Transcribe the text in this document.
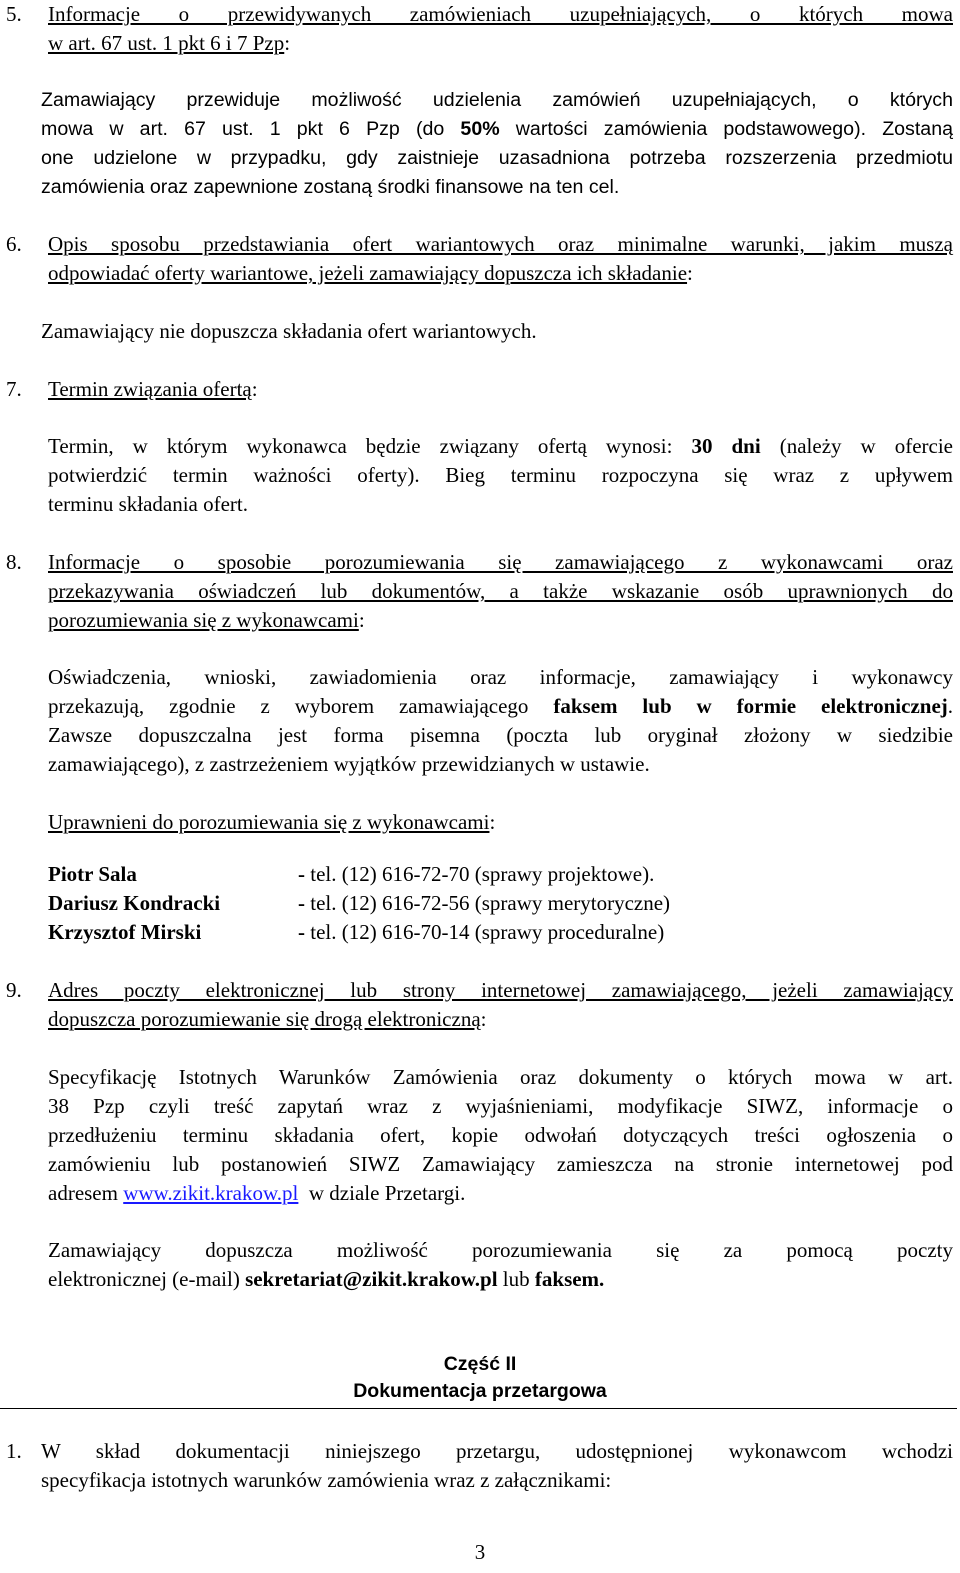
5. Informacje o przewidywanych zamówieniach uzupełniających, o których mowa
w art. 67 ust. 1 pkt 6 i 7 Pzp:
Zamawiający przewiduje możliwość udzielenia zamówień uzupełniających, o których
mowa w art. 67 ust. 1 pkt 6 Pzp (do 50% wartości zamówienia podstawowego). Zostaną
one udzielone w przypadku, gdy zaistnieje uzasadniona potrzeba rozszerzenia przedmiotu
zamówienia oraz zapewnione zostaną środki finansowe na ten cel.
6. Opis sposobu przedstawiania ofert wariantowych oraz minimalne warunki, jakim muszą
odpowiadać oferty wariantowe, jeżeli zamawiający dopuszcza ich składanie:
Zamawiający nie dopuszcza składania ofert wariantowych.
7. Termin związania ofertą:
Termin, w którym wykonawca będzie związany ofertą wynosi: 30 dni (należy w ofercie
potwierdzić termin ważności oferty). Bieg terminu rozpoczyna się wraz z upływem
terminu składania ofert.
8. Informacje o sposobie porozumiewania się zamawiającego z wykonawcami oraz
przekazywania oświadczeń lub dokumentów, a także wskazanie osób uprawnionych do
porozumiewania się z wykonawcami:
Oświadczenia, wnioski, zawiadomienia oraz informacje, zamawiający i wykonawcy
przekazują, zgodnie z wyborem zamawiającego faksem lub w formie elektronicznej.
Zawsze dopuszczalna jest forma pisemna (poczta lub oryginał złożony w siedzibie
zamawiającego), z zastrzeżeniem wyjątków przewidzianych w ustawie.
Uprawnieni do porozumiewania się z wykonawcami:
Piotr Sala	- tel. (12) 616-72-70 (sprawy projektowe).
Dariusz Kondracki	- tel. (12) 616-72-56 (sprawy merytoryczne)
Krzysztof Mirski	- tel. (12) 616-70-14 (sprawy proceduralne)
9. Adres poczty elektronicznej lub strony internetowej zamawiającego, jeżeli zamawiający
dopuszcza porozumiewanie się drogą elektroniczną:
Specyfikację Istotnych Warunków Zamówienia oraz dokumenty o których mowa w art.
38 Pzp czyli treść zapytań wraz z wyjaśnieniami, modyfikacje SIWZ, informacje o
przedłużeniu terminu składania ofert, kopie odwołań dotyczących treści ogłoszenia o
zamówieniu lub postanowień SIWZ Zamawiający zamieszcza na stronie internetowej pod
adresem www.zikit.krakow.pl w dziale Przetargi.
Zamawiający dopuszcza możliwość porozumiewania się za pomocą poczty
elektronicznej (e-mail) sekretariat@zikit.krakow.pl lub faksem.
Część II
Dokumentacja przetargowa
1. W skład dokumentacji niniejszego przetargu, udostępnionej wykonawcom wchodzi
specyfikacja istotnych warunków zamówienia wraz z załącznikami:
3
